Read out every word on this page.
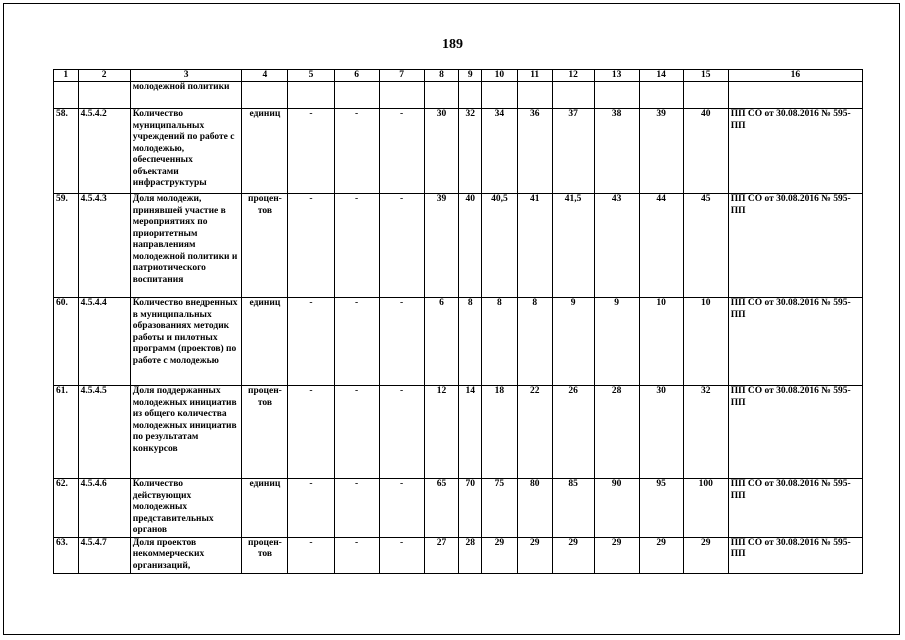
189
1	2	3	4	5	6	7	8	9	10	11	12	13	14	15	16
		молодежной политики													
58.	4.5.4.2	Количество муниципальных учреждений по работе с молодежью, обеспеченных объектами инфраструктуры	единиц	-	-	-	30	32	34	36	37	38	39	40	ПП СО от 30.08.2016 № 595-ПП
59.	4.5.4.3	Доля молодежи, принявшей участие в мероприятиях по приоритетным направлениям молодежной политики и патриотического воспитания	процен-тов	-	-	-	39	40	40,5	41	41,5	43	44	45	ПП СО от 30.08.2016 № 595-ПП
60.	4.5.4.4	Количество внедренных в муниципальных образованиях методик работы и пилотных программ (проектов) по работе с молодежью	единиц	-	-	-	6	8	8	8	9	9	10	10	ПП СО от 30.08.2016 № 595-ПП
61.	4.5.4.5	Доля поддержанных молодежных инициатив из общего количества молодежных инициатив по результатам конкурсов	процен-тов	-	-	-	12	14	18	22	26	28	30	32	ПП СО от 30.08.2016 № 595-ПП
62.	4.5.4.6	Количество действующих молодежных представительных органов	единиц	-	-	-	65	70	75	80	85	90	95	100	ПП СО от 30.08.2016 № 595-ПП
63.	4.5.4.7	Доля проектов некоммерческих организаций,	процен-тов	-	-	-	27	28	29	29	29	29	29	29	ПП СО от 30.08.2016 № 595-ПП
